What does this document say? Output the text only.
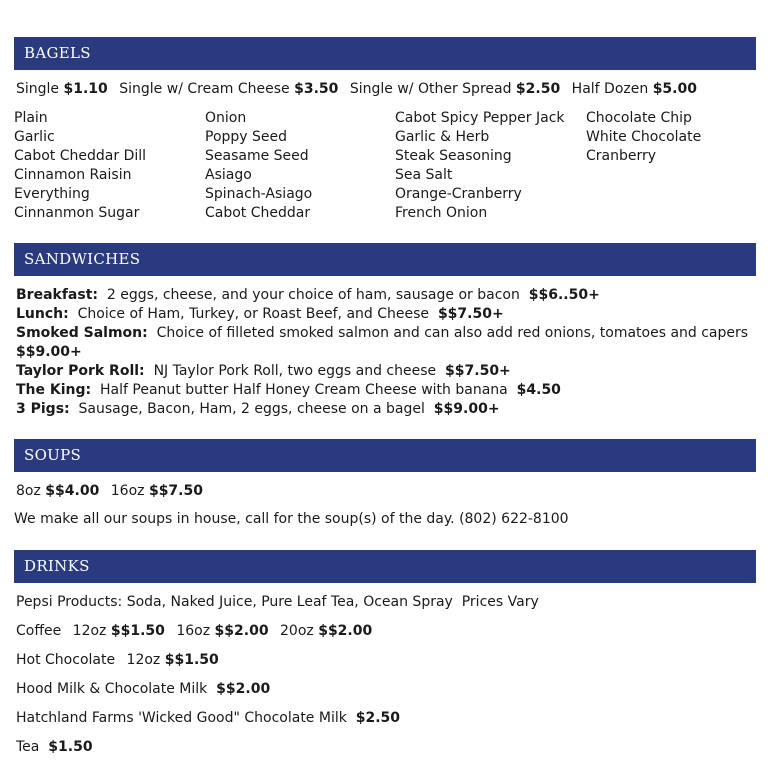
BAGELS
Single $1.10 Single w/ Cream Cheese $3.50 Single w/ Other Spread $2.50 Half Dozen $5.00
Plain
Garlic
Cabot Cheddar Dill
Cinnamon Raisin
Everything
Cinnanmon Sugar
Onion
Poppy Seed
Seasame Seed
Asiago
Spinach-Asiago
Cabot Cheddar
Cabot Spicy Pepper Jack
Garlic & Herb
Steak Seasoning
Sea Salt
Orange-Cranberry
French Onion
Chocolate Chip
White Chocolate
Cranberry
SANDWICHES
Breakfast: 2 eggs, cheese, and your choice of ham, sausage or bacon $$6..50+
Lunch: Choice of Ham, Turkey, or Roast Beef, and Cheese $$7.50+
Smoked Salmon: Choice of filleted smoked salmon and can also add red onions, tomatoes and capers
$$9.00+
Taylor Pork Roll: NJ Taylor Pork Roll, two eggs and cheese $$7.50+
The King: Half Peanut butter Half Honey Cream Cheese with banana $4.50
3 Pigs: Sausage, Bacon, Ham, 2 eggs, cheese on a bagel $$9.00+
SOUPS
8oz $$4.00 16oz $$7.50
We make all our soups in house, call for the soup(s) of the day. (802) 622-8100
DRINKS
Pepsi Products: Soda, Naked Juice, Pure Leaf Tea, Ocean Spray Prices Vary
Coffee 12oz $$1.50 16oz $$2.00 20oz $$2.00
Hot Chocolate 12oz $$1.50
Hood Milk & Chocolate Milk $$2.00
Hatchland Farms 'Wicked Good" Chocolate Milk $2.50
Tea $1.50
